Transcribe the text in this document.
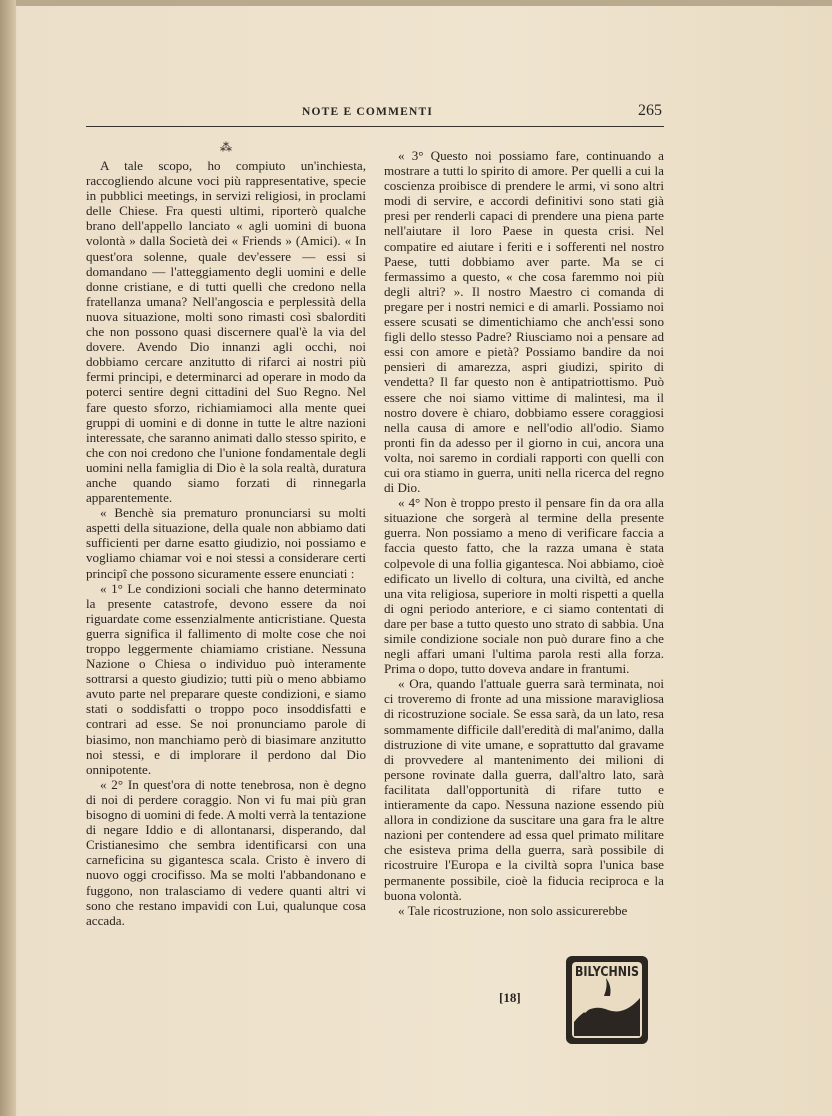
NOTE E COMMENTI	265
⁂

A tale scopo, ho compiuto un'inchiesta, raccogliendo alcune voci più rappresentative, specie in pubblici meetings, in servizi religiosi, in proclami delle Chiese. Fra questi ultimi, riporterò qualche brano dell'appello lanciato « agli uomini di buona volontà » dalla Società dei « Friends » (Amici). « In quest'ora solenne, quale dev'essere — essi si domandano — l'atteggiamento degli uomini e delle donne cristiane, e di tutti quelli che credono nella fratellanza umana? Nell'angoscia e perplessità della nuova situazione, molti sono rimasti così sbalorditi che non possono quasi discernere qual'è la via del dovere. Avendo Dio innanzi agli occhi, noi dobbiamo cercare anzitutto di rifarci ai nostri più fermi principi, e determinarci ad operare in modo da poterci sentire degni cittadini del Suo Regno. Nel fare questo sforzo, richiamiamoci alla mente quei gruppi di uomini e di donne in tutte le altre nazioni interessate, che saranno animati dallo stesso spirito, e che con noi credono che l'unione fondamentale degli uomini nella famiglia di Dio è la sola realtà, duratura anche quando siamo forzati di rinnegarla apparentemente.

« Benchè sia prematuro pronunciarsi su molti aspetti della situazione, della quale non abbiamo dati sufficienti per darne esatto giudizio, noi possiamo e vogliamo chiamar voi e noi stessi a considerare certi principî che possono sicuramente essere enunciati :

« 1° Le condizioni sociali che hanno determinato la presente catastrofe, devono essere da noi riguardate come essenzialmente anticristiane. Questa guerra significa il fallimento di molte cose che noi troppo leggermente chiamiamo cristiane. Nessuna Nazione o Chiesa o individuo può interamente sottrarsi a questo giudizio; tutti più o meno abbiamo avuto parte nel preparare queste condizioni, e siamo stati o soddisfatti o troppo poco insoddisfatti e contrari ad esse. Se noi pronunciamo parole di biasimo, non manchiamo però di biasimare anzitutto noi stessi, e di implorare il perdono dal Dio onnipotente.

« 2° In quest'ora di notte tenebrosa, non è degno di noi di perdere coraggio. Non vi fu mai più gran bisogno di uomini di fede. A molti verrà la tentazione di negare Iddio e di allontanarsi, disperando, dal Cristianesimo che sembra identificarsi con una carneficina su gigantesca scala. Cristo è invero di nuovo oggi crocifisso. Ma se molti l'abbandonano e fuggono, non tralasciamo di vedere quanti altri vi sono che restano impavidi con Lui, qualunque cosa accada.

« 3° Questo noi possiamo fare, continuando a mostrare a tutti lo spirito di amore. Per quelli a cui la coscienza proibisce di prendere le armi, vi sono altri modi di servire, e accordi definitivi sono stati già presi per renderli capaci di prendere una piena parte nell'aiutare il loro Paese in questa crisi. Nel compatire ed aiutare i feriti e i sofferenti nel nostro Paese, tutti dobbiamo aver parte. Ma se ci fermassimo a questo, « che cosa faremmo noi più degli altri? ». Il nostro Maestro ci comanda di pregare per i nostri nemici e di amarli. Possiamo noi essere scusati se dimentichiamo che anch'essi sono figli dello stesso Padre? Riusciamo noi a pensare ad essi con amore e pietà? Possiamo bandire da noi pensieri di amarezza, aspri giudizi, spirito di vendetta? Il far questo non è antipatriottismo. Può essere che noi siamo vittime di malintesi, ma il nostro dovere è chiaro, dobbiamo essere coraggiosi nella causa di amore e nell'odio all'odio. Siamo pronti fin da adesso per il giorno in cui, ancora una volta, noi saremo in cordiali rapporti con quelli con cui ora stiamo in guerra, uniti nella ricerca del regno di Dio.

« 4° Non è troppo presto il pensare fin da ora alla situazione che sorgerà al termine della presente guerra. Non possiamo a meno di verificare faccia a faccia questo fatto, che la razza umana è stata colpevole di una follia gigantesca. Noi abbiamo, cioè edificato un livello di coltura, una civiltà, ed anche una vita religiosa, superiore in molti rispetti a quella di ogni periodo anteriore, e ci siamo contentati di dare per base a tutto questo uno strato di sabbia. Una simile condizione sociale non può durare fino a che negli affari umani l'ultima parola resti alla forza. Prima o dopo, tutto doveva andare in frantumi.

« Ora, quando l'attuale guerra sarà terminata, noi ci troveremo di fronte ad una missione maravigliosa di ricostruzione sociale. Se essa sarà, da un lato, resa sommamente difficile dall'eredità di mal'animo, dalla distruzione di vite umane, e soprattutto dal gravame di provvedere al mantenimento dei milioni di persone rovinate dalla guerra, dall'altro lato, sarà facilitata dall'opportunità di rifare tutto e intieramente da capo. Nessuna nazione essendo più allora in condizione da suscitare una gara fra le altre nazioni per contendere ad essa quel primato militare che esisteva prima della guerra, sarà possibile di ricostruire l'Europa e la civiltà sopra l'unica base permanente possibile, cioè la fiducia reciproca e la buona volontà.

« Tale ricostruzione, non solo assicurerebbe

[18]
BILYCHNIS
